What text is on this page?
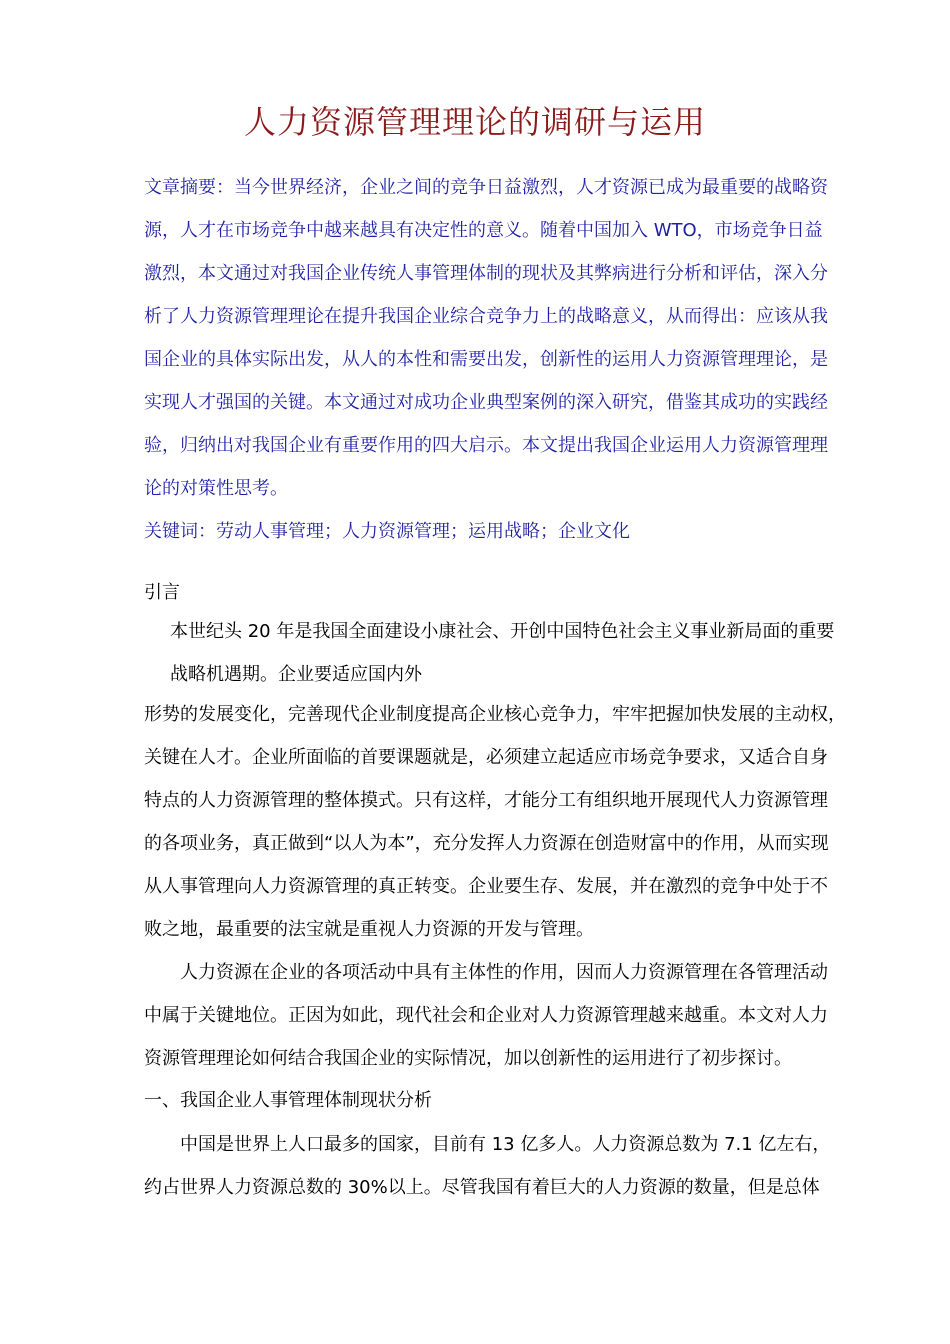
人力资源管理理论的调研与运用
文章摘要：当今世界经济，企业之间的竞争日益激烈，人才资源已成为最重要的战略资
源，人才在市场竞争中越来越具有决定性的意义。随着中国加入 WTO，市场竞争日益
激烈，本文通过对我国企业传统人事管理体制的现状及其弊病进行分析和评估，深入分
析了人力资源管理理论在提升我国企业综合竞争力上的战略意义，从而得出：应该从我
国企业的具体实际出发，从人的本性和需要出发，创新性的运用人力资源管理理论，是
实现人才强国的关键。本文通过对成功企业典型案例的深入研究，借鉴其成功的实践经
验，归纳出对我国企业有重要作用的四大启示。本文提出我国企业运用人力资源管理理
论的对策性思考。

关键词：劳动人事管理；人力资源管理；运用战略；企业文化

引言

本世纪头 20 年是我国全面建设小康社会、开创中国特色社会主义事业新局面的重要
战略机遇期。企业要适应国内外
形势的发展变化，完善现代企业制度提高企业核心竞争力，牢牢把握加快发展的主动权，
关键在人才。企业所面临的首要课题就是，必须建立起适应市场竞争要求，又适合自身
特点的人力资源管理的整体摸式。只有这样，才能分工有组织地开展现代人力资源管理
的各项业务，真正做到“以人为本”，充分发挥人力资源在创造财富中的作用，从而实现
从人事管理向人力资源管理的真正转变。企业要生存、发展，并在激烈的竞争中处于不
败之地，最重要的法宝就是重视人力资源的开发与管理。
人力资源在企业的各项活动中具有主体性的作用，因而人力资源管理在各管理活动
中属于关键地位。正因为如此，现代社会和企业对人力资源管理越来越重。本文对人力
资源管理理论如何结合我国企业的实际情况，加以创新性的运用进行了初步探讨。

一、我国企业人事管理体制现状分析

中国是世界上人口最多的国家，目前有 13 亿多人。人力资源总数为 7.1 亿左右，
约占世界人力资源总数的 30%以上。尽管我国有着巨大的人力资源的数量，但是总体
